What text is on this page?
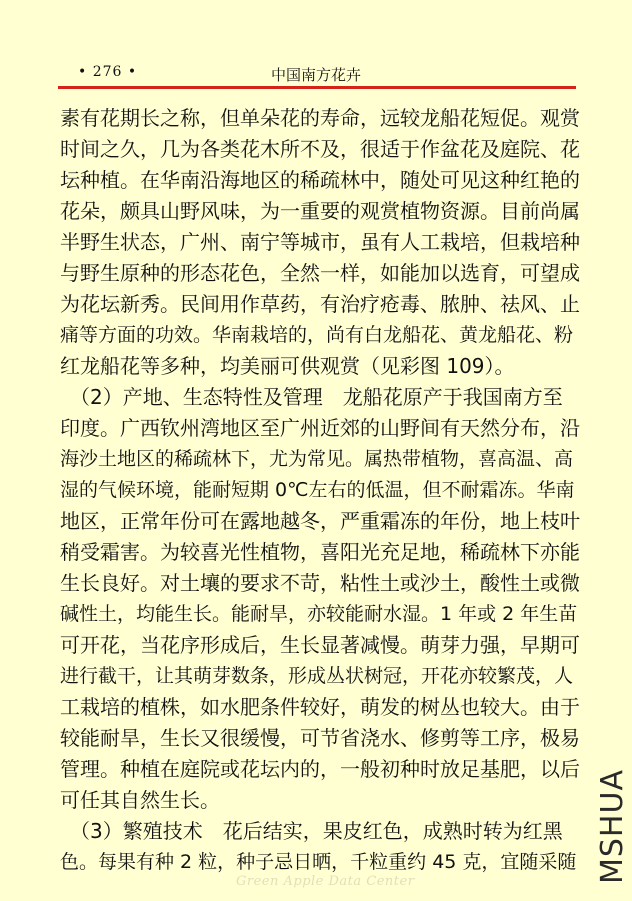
• 276 •	中国南方花卉
素有花期长之称，但单朵花的寿命，远较龙船花短促。观赏
时间之久，几为各类花木所不及，很适于作盆花及庭院、花
坛种植。在华南沿海地区的稀疏林中，随处可见这种红艳的
花朵，颇具山野风味，为一重要的观赏植物资源。目前尚属
半野生状态，广州、南宁等城市，虽有人工栽培，但栽培种
与野生原种的形态花色，全然一样，如能加以选育，可望成
为花坛新秀。民间用作草药，有治疗疮毒、脓肿、祛风、止
痛等方面的功效。华南栽培的，尚有白龙船花、黄龙船花、粉
红龙船花等多种，均美丽可供观赏（见彩图 109）。
　（2）产地、生态特性及管理　龙船花原产于我国南方至
印度。广西钦州湾地区至广州近郊的山野间有天然分布，沿
海沙土地区的稀疏林下，尤为常见。属热带植物，喜高温、高
湿的气候环境，能耐短期 0℃左右的低温，但不耐霜冻。华南
地区，正常年份可在露地越冬，严重霜冻的年份，地上枝叶
稍受霜害。为较喜光性植物，喜阳光充足地，稀疏林下亦能
生长良好。对土壤的要求不苛，粘性土或沙土，酸性土或微
碱性土，均能生长。能耐旱，亦较能耐水湿。1 年或 2 年生苗
可开花，当花序形成后，生长显著减慢。萌芽力强，早期可
进行截干，让其萌芽数条，形成丛状树冠，开花亦较繁茂，人
工栽培的植株，如水肥条件较好，萌发的树丛也较大。由于
较能耐旱，生长又很缓慢，可节省浇水、修剪等工序，极易
管理。种植在庭院或花坛内的，一般初种时放足基肥，以后
可任其自然生长。
　（3）繁殖技术　花后结实，果皮红色，成熟时转为红黑
色。每果有种 2 粒，种子忌日晒，千粒重约 45 克，宜随采随
Green Apple Data Center	MSHUA
